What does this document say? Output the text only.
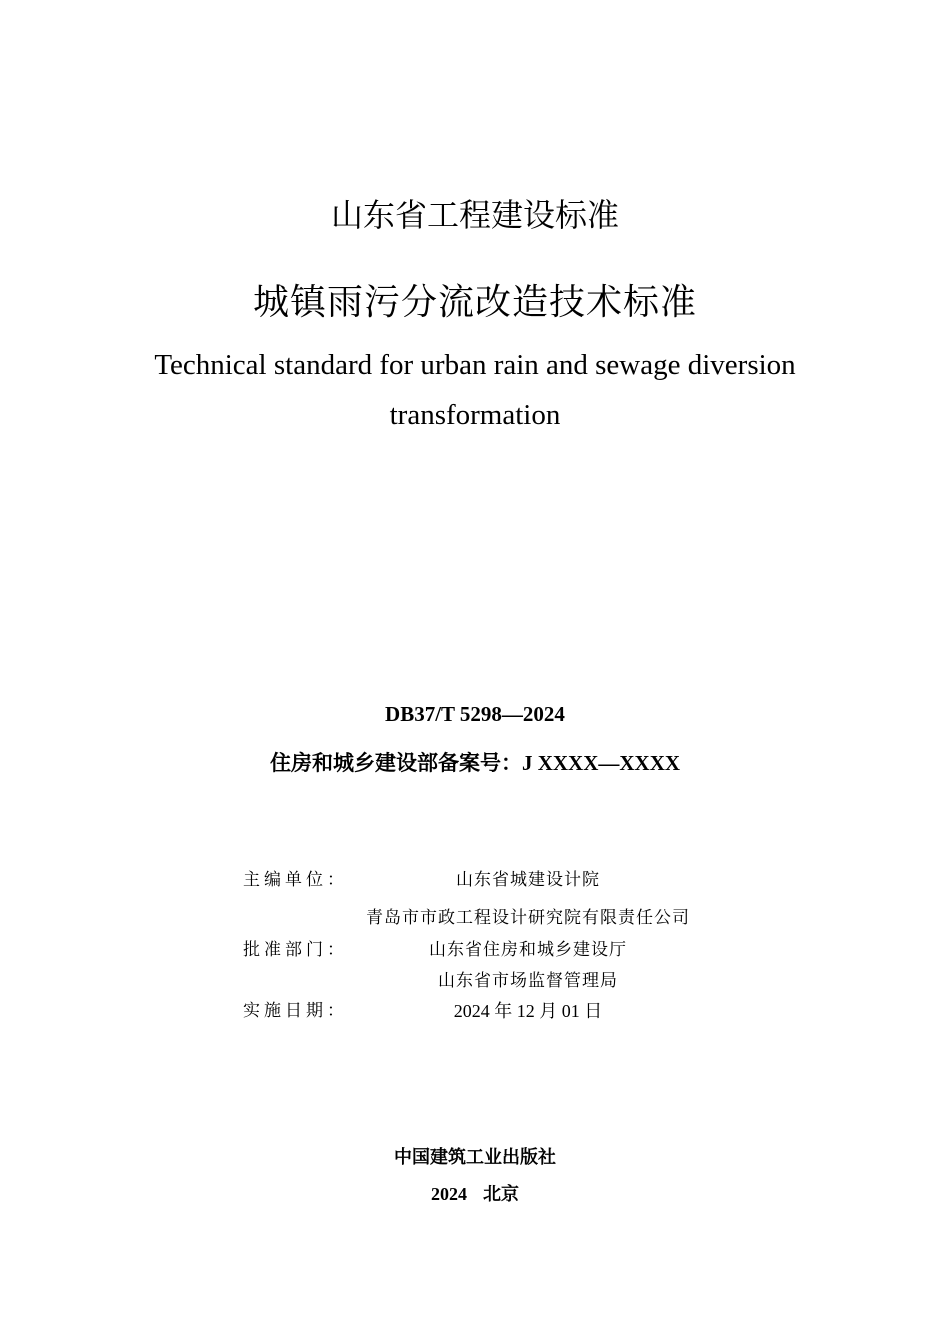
山东省工程建设标准
城镇雨污分流改造技术标准
Technical standard for urban rain and sewage diversion
transformation
DB37/T 5298—2024
住房和城乡建设部备案号：J XXXX—XXXX
主编单位：	山东省城建设计院
青岛市市政工程设计研究院有限责任公司
批准部门：	山东省住房和城乡建设厅
山东省市场监督管理局
实施日期：	2024 年 12 月 01 日
中国建筑工业出版社
2024 北京
